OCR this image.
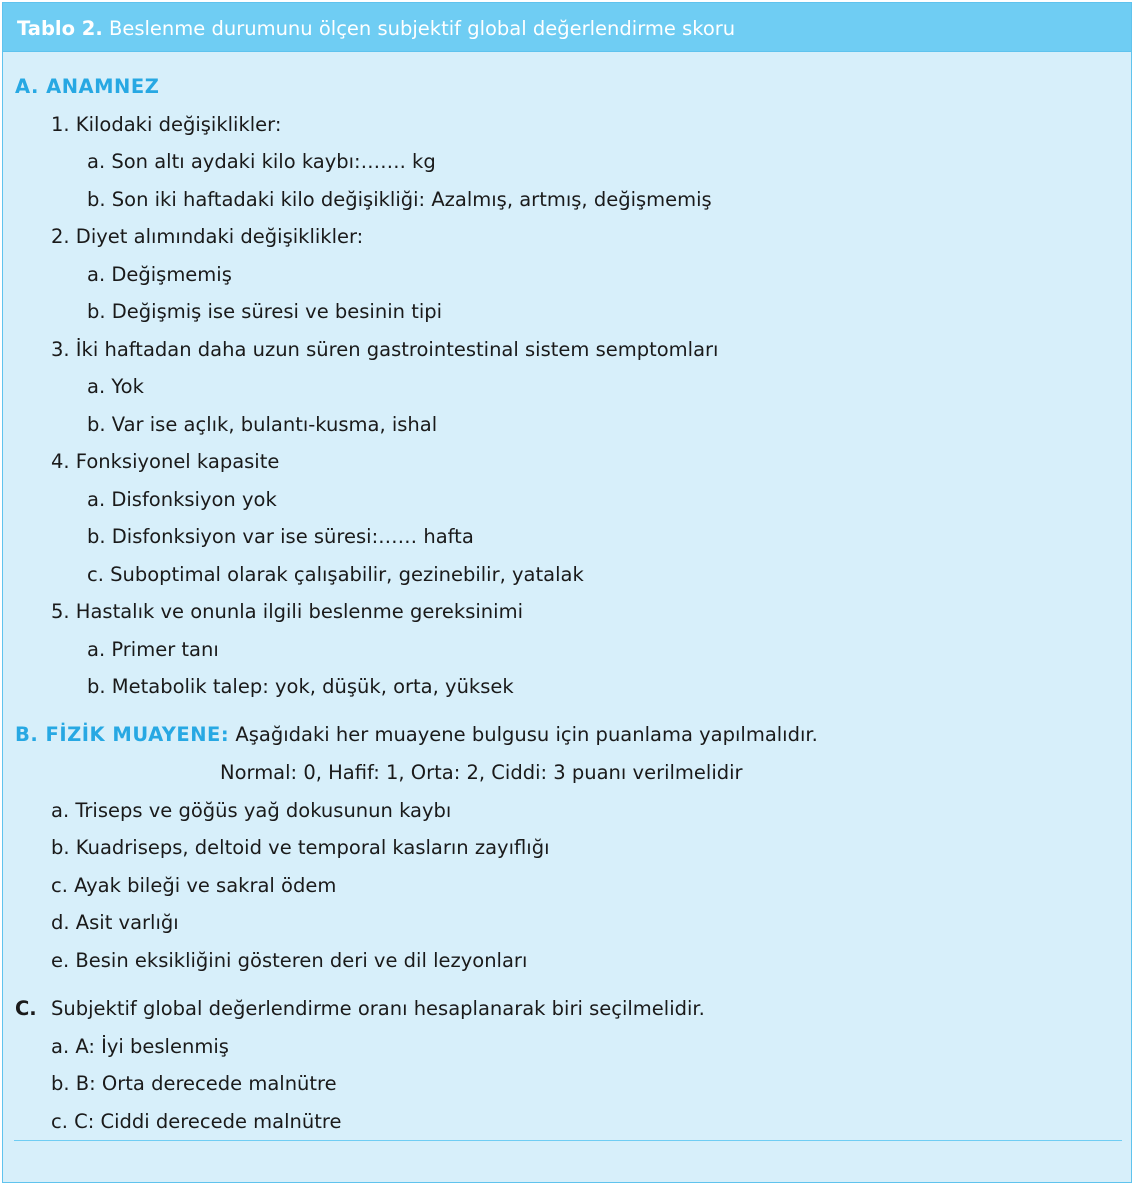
Tablo 2. Beslenme durumunu ölçen subjektif global değerlendirme skoru
A. ANAMNEZ
1. Kilodaki değişiklikler:
a. Son altı aydaki kilo kaybı:……. kg
b. Son iki haftadaki kilo değişikliği: Azalmış, artmış, değişmemiş
2. Diyet alımındaki değişiklikler:
a. Değişmemiş
b. Değişmiş ise süresi ve besinin tipi
3. İki haftadan daha uzun süren gastrointestinal sistem semptomları
a. Yok
b. Var ise açlık, bulantı-kusma, ishal
4. Fonksiyonel kapasite
a. Disfonksiyon yok
b. Disfonksiyon var ise süresi:…… hafta
c. Suboptimal olarak çalışabilir, gezinebilir, yatalak
5. Hastalık ve onunla ilgili beslenme gereksinimi
a. Primer tanı
b. Metabolik talep: yok, düşük, orta, yüksek
B. FİZİK MUAYENE: Aşağıdaki her muayene bulgusu için puanlama yapılmalıdır.
Normal: 0, Hafif: 1, Orta: 2, Ciddi: 3 puanı verilmelidir
a. Triseps ve göğüs yağ dokusunun kaybı
b. Kuadriseps, deltoid ve temporal kasların zayıflığı
c. Ayak bileği ve sakral ödem
d. Asit varlığı
e. Besin eksikliğini gösteren deri ve dil lezyonları
C. Subjektif global değerlendirme oranı hesaplanarak biri seçilmelidir.
a. A: İyi beslenmiş
b. B: Orta derecede malnütre
c. C: Ciddi derecede malnütre
